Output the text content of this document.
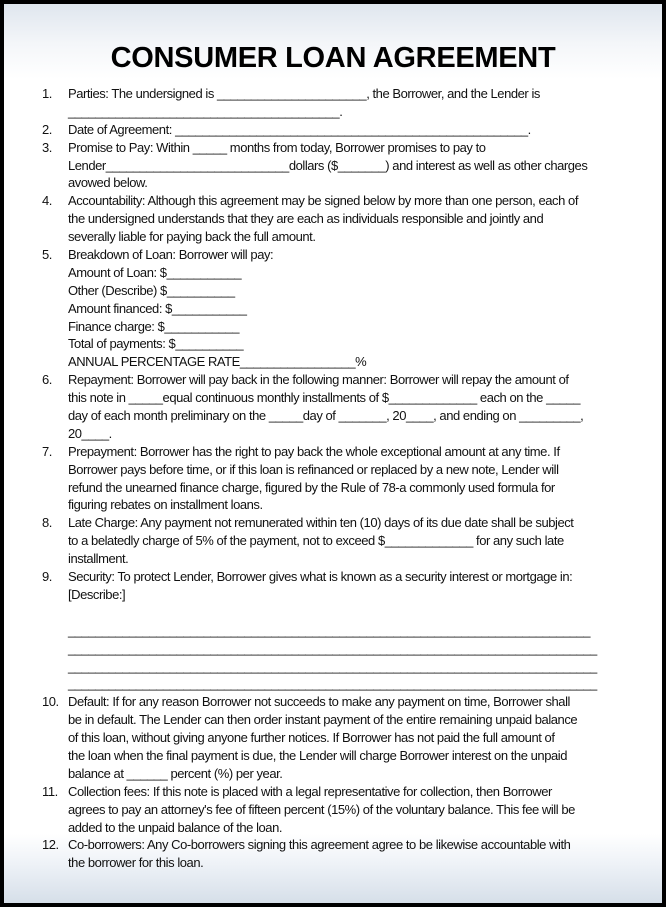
CONSUMER LOAN AGREEMENT
1.	Parties: The undersigned is ______________________, the Borrower, and the Lender is
________________________________________.
2.	Date of Agreement: ____________________________________________________.
3.	Promise to Pay: Within _____ months from today, Borrower promises to pay to
Lender___________________________dollars ($_______) and interest as well as other charges
avowed below.
4.	Accountability: Although this agreement may be signed below by more than one person, each of
the undersigned understands that they are each as individuals responsible and jointly and
severally liable for paying back the full amount.
5.	Breakdown of Loan: Borrower will pay:
Amount of Loan: $___________
Other (Describe) $__________
Amount financed: $___________
Finance charge: $___________
Total of payments: $__________
ANNUAL PERCENTAGE RATE_________________%
6.	Repayment: Borrower will pay back in the following manner: Borrower will repay the amount of
this note in _____equal continuous monthly installments of $_____________ each on the _____
day of each month preliminary on the _____day of _______, 20____, and ending on _________,
20____.
7.	Prepayment: Borrower has the right to pay back the whole exceptional amount at any time. If
Borrower pays before time, or if this loan is refinanced or replaced by a new note, Lender will
refund the unearned finance charge, figured by the Rule of 78-a commonly used formula for
figuring rebates on installment loans.
8.	Late Charge: Any payment not remunerated within ten (10) days of its due date shall be subject
to a belatedly charge of 5% of the payment, not to exceed $_____________ for any such late
installment.
9.	Security: To protect Lender, Borrower gives what is known as a security interest or mortgage in:
[Describe:]
_____________________________________________________________________________
______________________________________________________________________________
______________________________________________________________________________
______________________________________________________________________________
10. Default: If for any reason Borrower not succeeds to make any payment on time, Borrower shall
be in default. The Lender can then order instant payment of the entire remaining unpaid balance
of this loan, without giving anyone further notices. If Borrower has not paid the full amount of
the loan when the final payment is due, the Lender will charge Borrower interest on the unpaid
balance at ______ percent (%) per year.
11. Collection fees: If this note is placed with a legal representative for collection, then Borrower
agrees to pay an attorney's fee of fifteen percent (15%) of the voluntary balance. This fee will be
added to the unpaid balance of the loan.
12. Co-borrowers: Any Co-borrowers signing this agreement agree to be likewise accountable with
the borrower for this loan.
